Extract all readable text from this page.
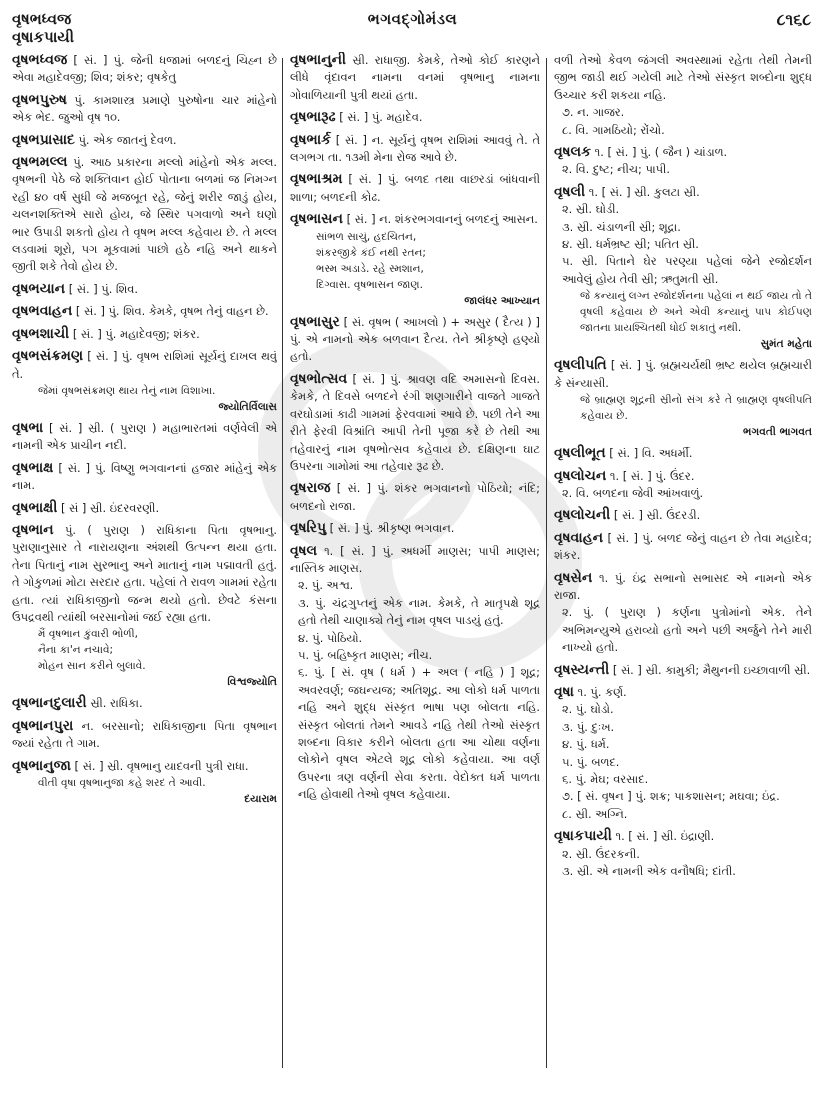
વૃષભધ્વજ
વૃષાકપાયી
ભગવદ્ગોમંડલ	૮૧૬૮
વૃષભધ્વજ [ સં. ] પું. જેની ધજામાં બળદનું ચિહ્ન છે એવા મહાદેવજી; શિવ; શંકર; વૃષકેતુ
વૃષભપુરુષ પું. કામશાસ્ત્ર પ્રમાણે પુરુષોના ચાર માંહેનો એક ભેદ. જુઓ વૃષ ૧૦.
વૃષભપ્રાસાદ પું. એક જાતનું દેવળ.
વૃષભમલ્લ પું. આઠ પ્રકારના મલ્લો માંહેનો એક મલ્લ. વૃષભની પેઠે જે શક્તિવાન હોઈ પોતાના બળમાં જ નિમગ્ન રહી ૪૦ વર્ષ સુધી જે મજબૂત રહે, જેનું શરીર જાડું હોય, ચલનશક્તિએ સારો હોય, જે સ્થિર પગવાળો અને ઘણો ભાર ઉપાડી શકતો હોય તે વૃષભ મલ્લ કહેવાય છે. તે મલ્લ લડવામાં શૂરો, પગ મૂકવામાં પાછો હઠે નહિ અને થાકને જીતી શકે તેવો હોય છે.
વૃષભયાન [ સં. ] પું. શિવ.
વૃષભવાહન [ સં. ] પું. શિવ. કેમકે, વૃષભ તેનું વાહન છે.
વૃષભશાચી [ સં. ] પું. મહાદેવજી; શંકર.
વૃષભસંક્રમણ [ સં. ] પું. વૃષભ રાશિમાં સૂર્યનું દાખલ થવું તે.
જેમાં વૃષભસંક્રમણ થાય તેનું નામ વિશાખા.
જ્યોતિર્વિલાસ
વૃષભા [ સં. ] સ્રી. ( પુરાણ ) મહાભારતમાં વર્ણવેલી એ નામની એક પ્રાચીન નદી.
વૃષભાક્ષ [ સં. ] પું. વિષ્ણુ ભગવાનનાં હજાર માંહેનું એક નામ.
વૃષભાક્ષી [ સં ] સ્રી. ઇંદરવરણી.
વૃષભાન પું. ( પુરાણ ) રાધિકાના પિતા વૃષભાનુ. પુરાણાનુસાર તે નારાયણના અંશથી ઉત્પન્ન થયા હતા. તેના પિતાનું નામ સુરભાનુ અને માતાનું નામ પદ્માવતી હતું. તે ગોકુળમાં મોટા સરદાર હતા. પહેલાં તે રાવળ ગામમાં રહેતા હતા. ત્યાં રાધિકાજીનો જન્મ થયો હતો. છેવટે કંસના ઉપદ્રવથી ત્યાંથી બરસાનોમાં જઈ રહ્યા હતા.
મૈં વૃષભાન કુંવારી ભોળી,
નૈના કા'ન નચાવે;
મોહન સાન કરીને બુલાવે.
વિશ્વજ્યોતિ
વૃષભાનદુલારી સ્રી. રાધિકા.
વૃષભાનપુરા ન. બરસાનો; રાધિકાજીના પિતા વૃષભાન જ્યાં રહેતા તે ગામ.
વૃષભાનુજા [ સં. ] સ્રી. વૃષભાનુ યાદવની પુત્રી રાધા.
વીતી વૃષા વૃષભાનુજા કહે શરદ તે આવી.
દયારામ
વૃષભાનુની સ્રી. રાધાજી. કેમકે, તેઓ કોઈ કારણને લીધે વૃંદાવન નામના વનમાં વૃષભાનુ નામના ગોવાળિયાની પુત્રી થયાં હતા.
વૃષભારૂઢ [ સં. ] પું. મહાદેવ.
વૃષભાર્ક [ સં. ] ન. સૂર્યનું વૃષભ રાશિમાં આવવું તે. તે લગભગ તા. ૧૩મી મેના રોજ આવે છે.
વૃષભાશ્રમ [ સં. ] પું. બળદ તથા વાછરડાં બાંધવાની શાળા; બળદની કોઢ.
વૃષભાસન [ સં. ] ન. શંકરભગવાનનું બળદનું આસન.
સાંભળ સાચું, હદચિતન,
શંકરજીકે કંઈ નથી રતન;
ભસ્મ અડાડે. રહે સ્મશાન,
દિગ્વાસ. વૃષભાસન જાણ.
જાલંધર આખ્યાન
વૃષભાસુર [ સં. વૃષભ ( આખલો ) + અસુર ( દૈત્ય ) ] પું. એ નામનો એક બળવાન દૈત્ય. તેને શ્રીકૃષ્ણે હણ્યો હતો.
વૃષભોત્સવ [ સં. ] પું. શ્રાવણ વદિ અમાસનો દિવસ. કેમકે, તે દિવસે બળદને રંગી શણગારીને વાજતે ગાજતે વરઘોડામાં કાઢી ગામમાં ફેરવવામાં આવે છે. પછી તેને આ રીતે ફેરવી વિશ્રાંતિ આપી તેની પૂજા કરે છે તેથી આ તહેવારનું નામ વૃષભોત્સવ કહેવાય છે. દક્ષિણના ઘાટ ઉપરના ગામોમાં આ તહેવાર રૂઢ છે.
વૃષરાજ [ સં. ] પું. શંકર ભગવાનનો પોઠિયો; નંદિ; બળદનો રાજા.
વૃષરિપુ [ સં. ] પું. શ્રીકૃષ્ણ ભગવાન.
વૃષલ ૧. [ સં. ] પું. અધર્મી માણસ; પાપી માણસ; નાસ્તિક માણસ.
૨. પું. અશ્વ.
૩. પું. ચંદ્રગુપ્તનું એક નામ. કેમકે, તે માતૃપક્ષે શૂદ્ર હતો તેથી ચાણાક્યે તેનું નામ વૃષલ પાડયું હતું.
૪. પું. પોઠિયો.
૫. પું. બહિષ્કૃત માણસ; નીચ.
૬. પું. [ સં. વૃષ ( ધર્મ ) + અલ ( નહિ ) ] શૂદ્ર; અવરવર્ણ; જઘન્યજ; અતિશૂદ્ર. આ લોકો ધર્મ પાળતા નહિ અને શુદ્ધ સંસ્કૃત ભાષા પણ બોલતા નહિ. સંસ્કૃત બોલતાં તેમને આવડે નહિ તેથી તેઓ સંસ્કૃત શબ્દના વિકાર કરીને બોલતા હતા આ ચોથા વર્ણના લોકોને વૃષલ એટલે શૂદ્ર લોકો કહેવાયા. આ વર્ણ ઉપરના ત્રણ વર્ણની સેવા કરતા. વેદોક્ત ધર્મ પાળતા નહિ હોવાથી તેઓ વૃષલ કહેવાયા.
વળી તેઓ કેવળ જંગલી અવસ્થામાં રહેતા તેથી તેમની જીભ જાડી થઈ ગયેલી માટે તેઓ સંસ્કૃત શબ્દોના શુદ્ધ ઉચ્ચાર કરી શકયા નહિ.
૭. ન. ગાજર.
૮. વિ. ગામઠિયો; રોંચો.
વૃષલક ૧. [ સં. ] પું. ( જૈન ) ચાંડાળ.
૨. વિ. દુષ્ટ; નીચ; પાપી.
વૃષલી ૧. [ સં. ] સ્રી. કુલટા સ્રી.
૨. સ્રી. ઘોડી.
૩. સ્રી. ચંડાળની સ્રી; શૂદ્રા.
૪. સ્રી. ધર્મભ્રષ્ટ સ્રી; પતિત સ્રી.
૫. સ્રી. પિતાને ઘેર પરણ્યા પહેલાં જેને રજોદર્શન આવેલું હોય તેવી સ્રી; ઋતુમતી સ્રી.
જે કન્યાનું લગ્ન રજોદર્શનના પહેલાં ન થઈ જાય તો તે વૃષલી કહેવાય છે અને એવી કન્યાનું પાપ કોઈપણ જાતના પ્રાયશ્ચિતથી ધોઈ શકાતું નથી.
સુમંત મહેતા
વૃષલીપતિ [ સં. ] પું. બ્રહ્મચર્યથી ભ્રષ્ટ થયેલ બ્રહ્મચારી કે સંન્યાસી.
જે બ્રાહ્મણ શૂદ્રની સ્રીનો સંગ કરે તે બ્રાહ્મણ વૃષલીપતિ કહેવાય છે.
ભગવતી ભાગવત
વૃષલીભૂત [ સં. ] વિ. અધર્મી.
વૃષલોચન ૧. [ સં. ] પું. ઉંદર.
૨. વિ. બળદના જેવી આંખવાળું.
વૃષલોચની [ સં. ] સ્રી. ઉંદરડી.
વૃષવાહન [ સં. ] પું. બળદ જેનું વાહન છે તેવા મહાદેવ; શંકર.
વૃષસેન ૧. પું. ઇંદ્ર સભાનો સભાસદ એ નામનો એક રાજા.
૨. પું. ( પુરાણ ) કર્ણના પુત્રોમાંનો એક. તેને અભિમન્યુએ હરાવ્યો હતો અને પછી અર્જુને તેને મારી નાખ્યો હતો.
વૃષસ્યન્તી [ સં. ] સ્રી. કામુકી; મૈથુનની ઇચ્છાવાળી સ્રી.
વૃષા ૧. પું. કર્ણ.
૨. પું. ઘોડો.
૩. પું. દુઃખ.
૪. પું. ધર્મ.
૫. પું. બળદ.
૬. પું. મેઘ; વરસાદ.
૭. [ સં. વૃષન ] પું. શક્ર; પાકશાસન; મઘવા; ઇંદ્ર.
૮. સ્રી. અગ્નિ.
વૃષાકપાયી ૧. [ સં. ] સ્રી. ઇંદ્રાણી.
૨. સ્રી. ઉંદરકની.
૩. સ્રી. એ નામની એક વનૌષધિ; દાંતી.
